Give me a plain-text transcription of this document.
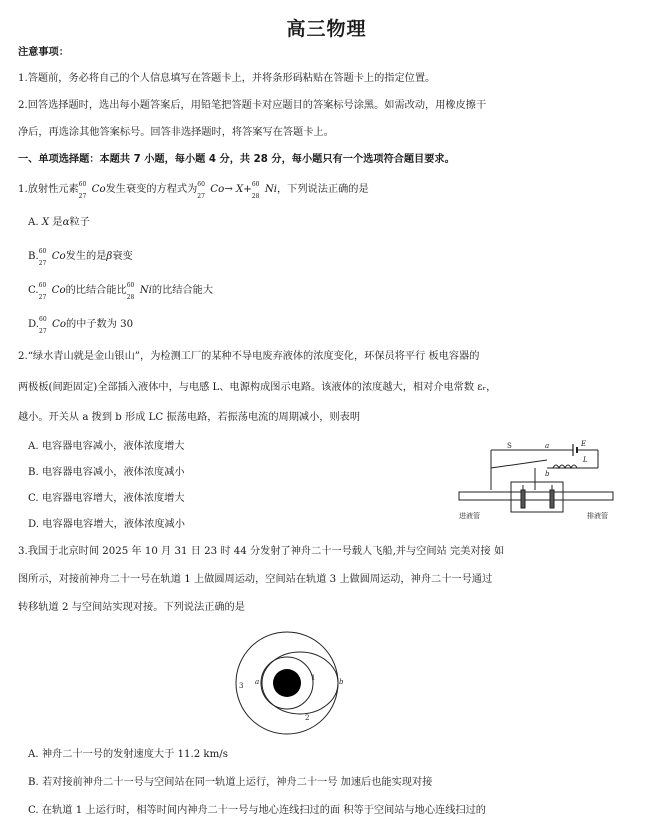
高三物理
注意事项：
1.答题前，务必将自己的个人信息填写在答题卡上，并将条形码粘贴在答题卡上的指定位置。
2.回答选择题时，选出每小题答案后，用铅笔把答题卡对应题目的答案标号涂黑。如需改动，用橡皮擦干
净后，再选涂其他答案标号。回答非选择题时，将答案写在答题卡上。
一、单项选择题：本题共 7 小题，每小题 4 分，共 28 分，每小题只有一个选项符合题目要求。
1.放射性元素 60
27
Co发生衰变的方程式为 60
27
Co→ X+ 60
28
Ni，下列说法正确的是
A. X 是α粒子
B. 60
27
Co发生的是β衰变
C. 60
27
Co的比结合能比 60
28
Ni的比结合能大
D. 60
27
Co的中子数为 30
2.“绿水青山就是金山银山”，为检测工厂的某种不导电废弃液体的浓度变化，环保员将平行 板电容器的
两极板(间距固定)全部插入液体中，与电感 L、电源构成图示电路。该液体的浓度越大，相对介电常数 εᵣ，
越小。开关从 a 拨到 b 形成 LC 振荡电路，若振荡电流的周期减小，则表明
A. 电容器电容减小，液体浓度增大
B. 电容器电容减小，液体浓度减小
C. 电容器电容增大，液体浓度增大
D. 电容器电容增大，液体浓度减小
S	a	E
b
L
进液管	排液管
3.我国于北京时间 2025 年 10 月 31 日 23 时 44 分发射了神舟二十一号载人飞船,并与空间站 完美对接 如
图所示，对接前神舟二十一号在轨道 1 上做圆周运动，空间站在轨道 3 上做圆周运动，神舟二十一号通过
转移轨道 2 与空间站实现对接。下列说法正确的是
3
1
2
a	b
A. 神舟二十一号的发射速度大于 11.2 km/s
B. 若对接前神舟二十一号与空间站在同一轨道上运行，神舟二十一号 加速后也能实现对接
C. 在轨道 1 上运行时，相等时间内神舟二十一号与地心连线扫过的面 积等于空间站与地心连线扫过的
